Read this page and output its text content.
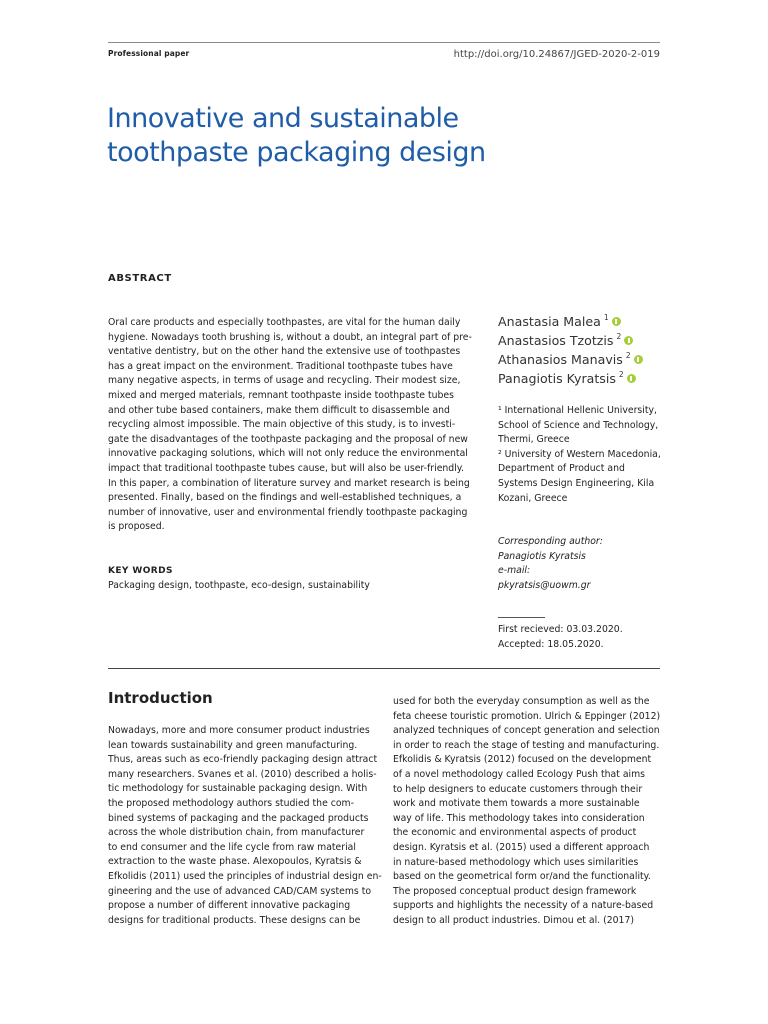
Professional paper	http://doi.org/10.24867/JGED-2020-2-019
Innovative and sustainable
toothpaste packaging design
ABSTRACT

Oral care products and especially toothpastes, are vital for the human daily
hygiene. Nowadays tooth brushing is, without a doubt, an integral part of pre-
ventative dentistry, but on the other hand the extensive use of toothpastes
has a great impact on the environment. Traditional toothpaste tubes have
many negative aspects, in terms of usage and recycling. Their modest size,
mixed and merged materials, remnant toothpaste inside toothpaste tubes
and other tube based containers, make them difficult to disassemble and
recycling almost impossible. The main objective of this study, is to investi-
gate the disadvantages of the toothpaste packaging and the proposal of new
innovative packaging solutions, which will not only reduce the environmental
impact that traditional toothpaste tubes cause, but will also be user-friendly.
In this paper, a combination of literature survey and market research is being
presented. Finally, based on the findings and well-established techniques, a
number of innovative, user and environmental friendly toothpaste packaging
is proposed.

KEY WORDS
Packaging design, toothpaste, eco-design, sustainability
Anastasia Malea $^1$
Anastasios Tzotzis $^2$
Athanasios Manavis $^2$
Panagiotis Kyratsis $^2$
¹ International Hellenic University,
School of Science and Technology,
Thermi, Greece
² University of Western Macedonia,
Department of Product and
Systems Design Engineering, Kila
Kozani, Greece
Corresponding author:
Panagiotis Kyratsis
e-mail:
pkyratsis@uowm.gr
First recieved: 03.03.2020.
Accepted: 18.05.2020.
Introduction
Nowadays, more and more consumer product industries
lean towards sustainability and green manufacturing.
Thus, areas such as eco-friendly packaging design attract
many researchers. Svanes et al. (2010) described a holis-
tic methodology for sustainable packaging design. With
the proposed methodology authors studied the com-
bined systems of packaging and the packaged products
across the whole distribution chain, from manufacturer
to end consumer and the life cycle from raw material
extraction to the waste phase. Alexopoulos, Kyratsis &
Efkolidis (2011) used the principles of industrial design en-
gineering and the use of advanced CAD/CAM systems to
propose a number of different innovative packaging
designs for traditional products. These designs can be
used for both the everyday consumption as well as the
feta cheese touristic promotion. Ulrich & Eppinger (2012)
analyzed techniques of concept generation and selection
in order to reach the stage of testing and manufacturing.
Efkolidis & Kyratsis (2012) focused on the development
of a novel methodology called Ecology Push that aims
to help designers to educate customers through their
work and motivate them towards a more sustainable
way of life. This methodology takes into consideration
the economic and environmental aspects of product
design. Kyratsis et al. (2015) used a different approach
in nature-based methodology which uses similarities
based on the geometrical form or/and the functionality.
The proposed conceptual product design framework
supports and highlights the necessity of a nature-based
design to all product industries. Dimou et al. (2017)
